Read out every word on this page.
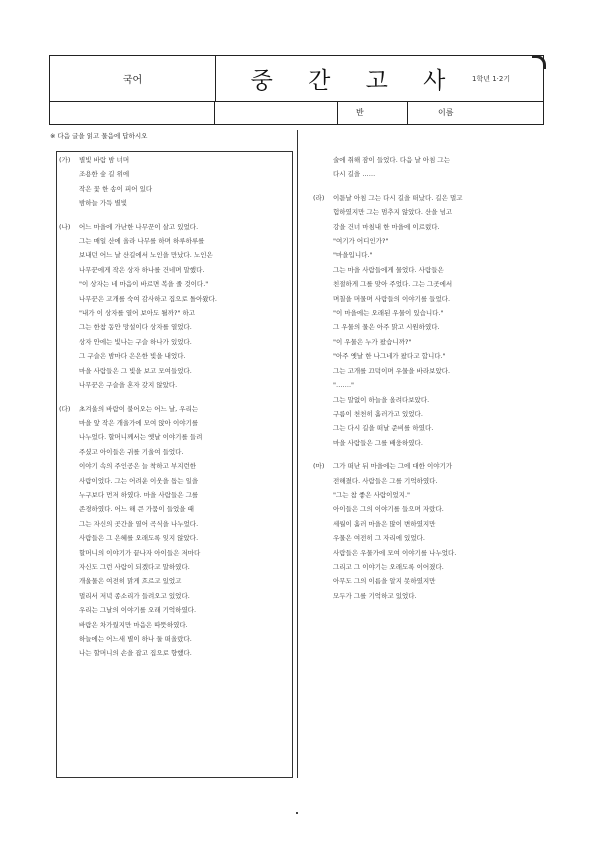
국어	중 간 고 사	1학년 1·2기
반	이름
※ 다음 글을 읽고 물음에 답하시오
(가) 별빛 바람 밤 너머

조용한 숲 길 위에

작은 꽃 한 송이 피어 있다

밤하늘 가득 별빛

(나) 어느 마을에 가난한 나무꾼이 살고 있었다.

그는 매일 산에 올라 나무를 하며 하루하루를

보내던 어느 날 산길에서 노인을 만났다. 노인은

나무꾼에게 작은 상자 하나를 건네며 말했다.

"이 상자는 네 마음이 바르면 복을 줄 것이다."

나무꾼은 고개를 숙여 감사하고 집으로 돌아왔다.

"내가 이 상자를 열어 보아도 될까?" 하고

그는 한참 동안 망설이다 상자를 열었다.

상자 안에는 빛나는 구슬 하나가 있었다.

그 구슬은 밤마다 은은한 빛을 내었다.

마을 사람들은 그 빛을 보고 모여들었다.

나무꾼은 구슬을 혼자 갖지 않았다.

(다) 초겨울의 바람이 불어오는 어느 날, 우리는

마을 앞 작은 개울가에 모여 앉아 이야기를

나누었다. 할머니께서는 옛날 이야기를 들려

주셨고 아이들은 귀를 기울여 들었다.

이야기 속의 주인공은 늘 착하고 부지런한

사람이었다. 그는 어려운 이웃을 돕는 일을

누구보다 먼저 하였다. 마을 사람들은 그를

존경하였다. 어느 해 큰 가뭄이 들었을 때

그는 자신의 곳간을 열어 곡식을 나누었다.

사람들은 그 은혜를 오래도록 잊지 않았다.

할머니의 이야기가 끝나자 아이들은 저마다

자신도 그런 사람이 되겠다고 말하였다.

개울물은 여전히 맑게 흐르고 있었고

멀리서 저녁 종소리가 들려오고 있었다.

우리는 그날의 이야기를 오래 기억하였다.

바람은 차가웠지만 마음은 따뜻하였다.

하늘에는 어느새 별이 하나 둘 떠올랐다.

나는 할머니의 손을 잡고 집으로 향했다.

술에 취해 잠이 들었다. 다음 날 아침 그는

다시 길을 ……

(라) 이튿날 아침 그는 다시 길을 떠났다. 길은 멀고

험하였지만 그는 멈추지 않았다. 산을 넘고

강을 건너 마침내 한 마을에 이르렀다.

"여기가 어디인가?"

"마을입니다."

그는 마을 사람들에게 물었다. 사람들은

친절하게 그를 맞아 주었다. 그는 그곳에서

며칠을 머물며 사람들의 이야기를 들었다.

"이 마을에는 오래된 우물이 있습니다."

그 우물의 물은 아주 맑고 시원하였다.

"이 우물은 누가 팠습니까?"

"아주 옛날 한 나그네가 팠다고 합니다."

그는 고개를 끄덕이며 우물을 바라보았다.

"……."

그는 말없이 하늘을 올려다보았다.

구름이 천천히 흘러가고 있었다.

그는 다시 길을 떠날 준비를 하였다.

마을 사람들은 그를 배웅하였다.

(마) 그가 떠난 뒤 마을에는 그에 대한 이야기가

전해졌다. 사람들은 그를 기억하였다.

"그는 참 좋은 사람이었지."

아이들은 그의 이야기를 들으며 자랐다.

세월이 흘러 마을은 많이 변하였지만

우물은 여전히 그 자리에 있었다.

사람들은 우물가에 모여 이야기를 나누었다.

그리고 그 이야기는 오래도록 이어졌다.

아무도 그의 이름을 알지 못하였지만

모두가 그를 기억하고 있었다.
